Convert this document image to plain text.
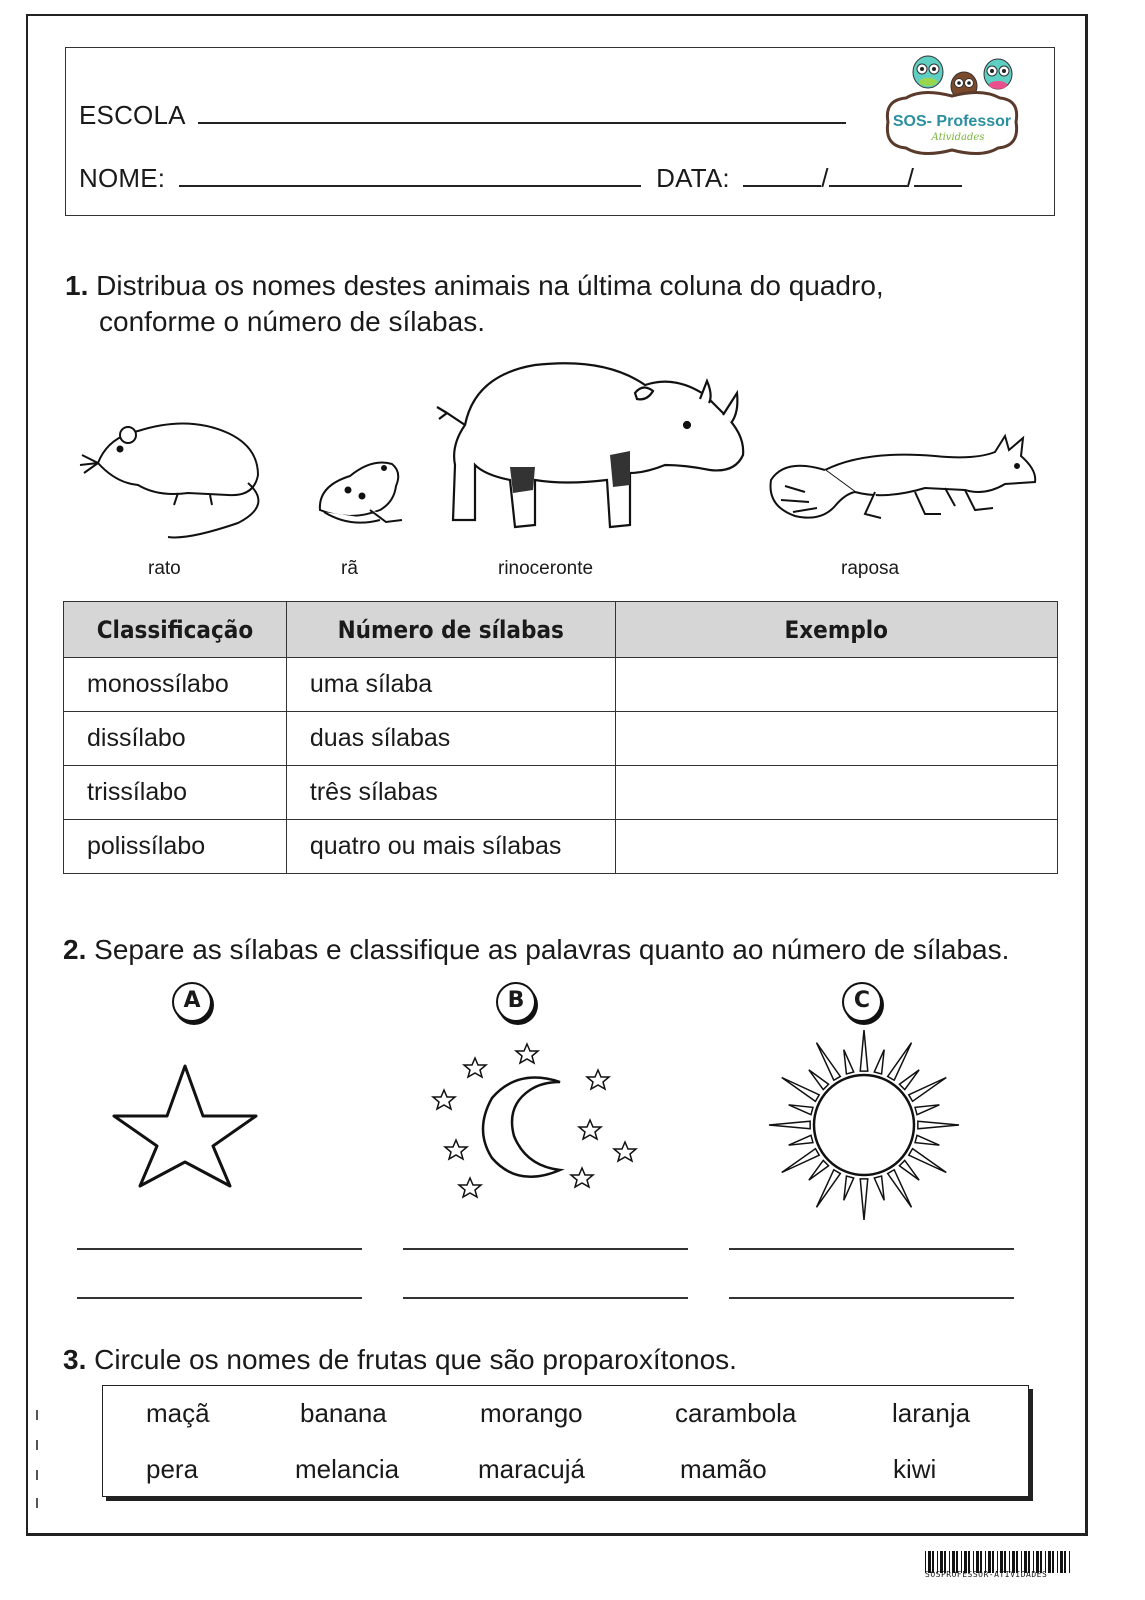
ESCOLA
NOME:	DATA:	/	/
SOS- Professor
Atividades
1. Distribua os nomes destes animais na última coluna do quadro,
conforme o número de sílabas.
rato	rã	rinoceronte	raposa
Classificação	Número de sílabas	Exemplo
monossílabo	uma sílaba	
dissílabo	duas sílabas	
trissílabo	três sílabas	
polissílabo	quatro ou mais sílabas	
2. Separe as sílabas e classifique as palavras quanto ao número de sílabas.
A	B	C
3. Circule os nomes de frutas que são proparoxítonos.
maçã	banana	morango	carambola	laranja
pera	melancia	maracujá	mamão	kiwi
SOSPROFESSOR-ATIVIDADES
